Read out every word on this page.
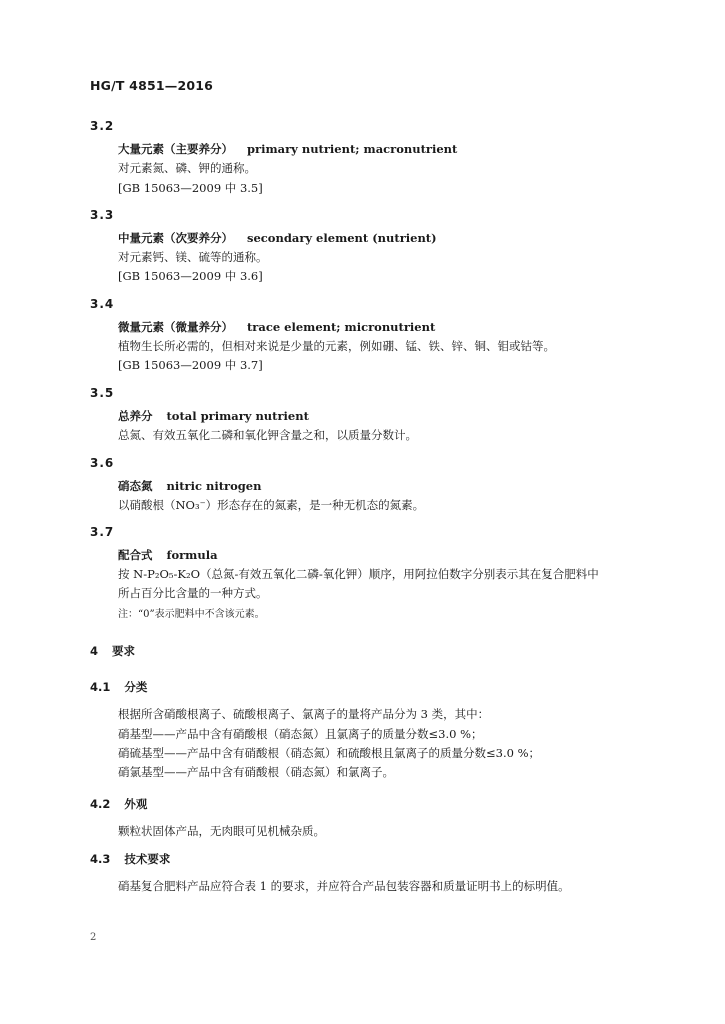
HG/T 4851—2016
3.2
大量元素（主要养分） primary nutrient; macronutrient
对元素氮、磷、钾的通称。
[GB 15063—2009 中 3.5]
3.3
中量元素（次要养分） secondary element (nutrient)
对元素钙、镁、硫等的通称。
[GB 15063—2009 中 3.6]
3.4
微量元素（微量养分） trace element; micronutrient
植物生长所必需的，但相对来说是少量的元素，例如硼、锰、铁、锌、铜、钼或钴等。
[GB 15063—2009 中 3.7]
3.5
总养分 total primary nutrient
总氮、有效五氧化二磷和氧化钾含量之和，以质量分数计。
3.6
硝态氮 nitric nitrogen
以硝酸根（NO₃⁻）形态存在的氮素，是一种无机态的氮素。
3.7
配合式 formula
按 N-P₂O₅-K₂O（总氮-有效五氧化二磷-氧化钾）顺序，用阿拉伯数字分别表示其在复合肥料中
所占百分比含量的一种方式。
注：“0”表示肥料中不含该元素。
4 要求
4.1 分类
根据所含硝酸根离子、硫酸根离子、氯离子的量将产品分为 3 类，其中：
硝基型——产品中含有硝酸根（硝态氮）且氯离子的质量分数≤3.0 %；
硝硫基型——产品中含有硝酸根（硝态氮）和硫酸根且氯离子的质量分数≤3.0 %；
硝氯基型——产品中含有硝酸根（硝态氮）和氯离子。
4.2 外观
颗粒状固体产品，无肉眼可见机械杂质。
4.3 技术要求
硝基复合肥料产品应符合表 1 的要求，并应符合产品包装容器和质量证明书上的标明值。
2
